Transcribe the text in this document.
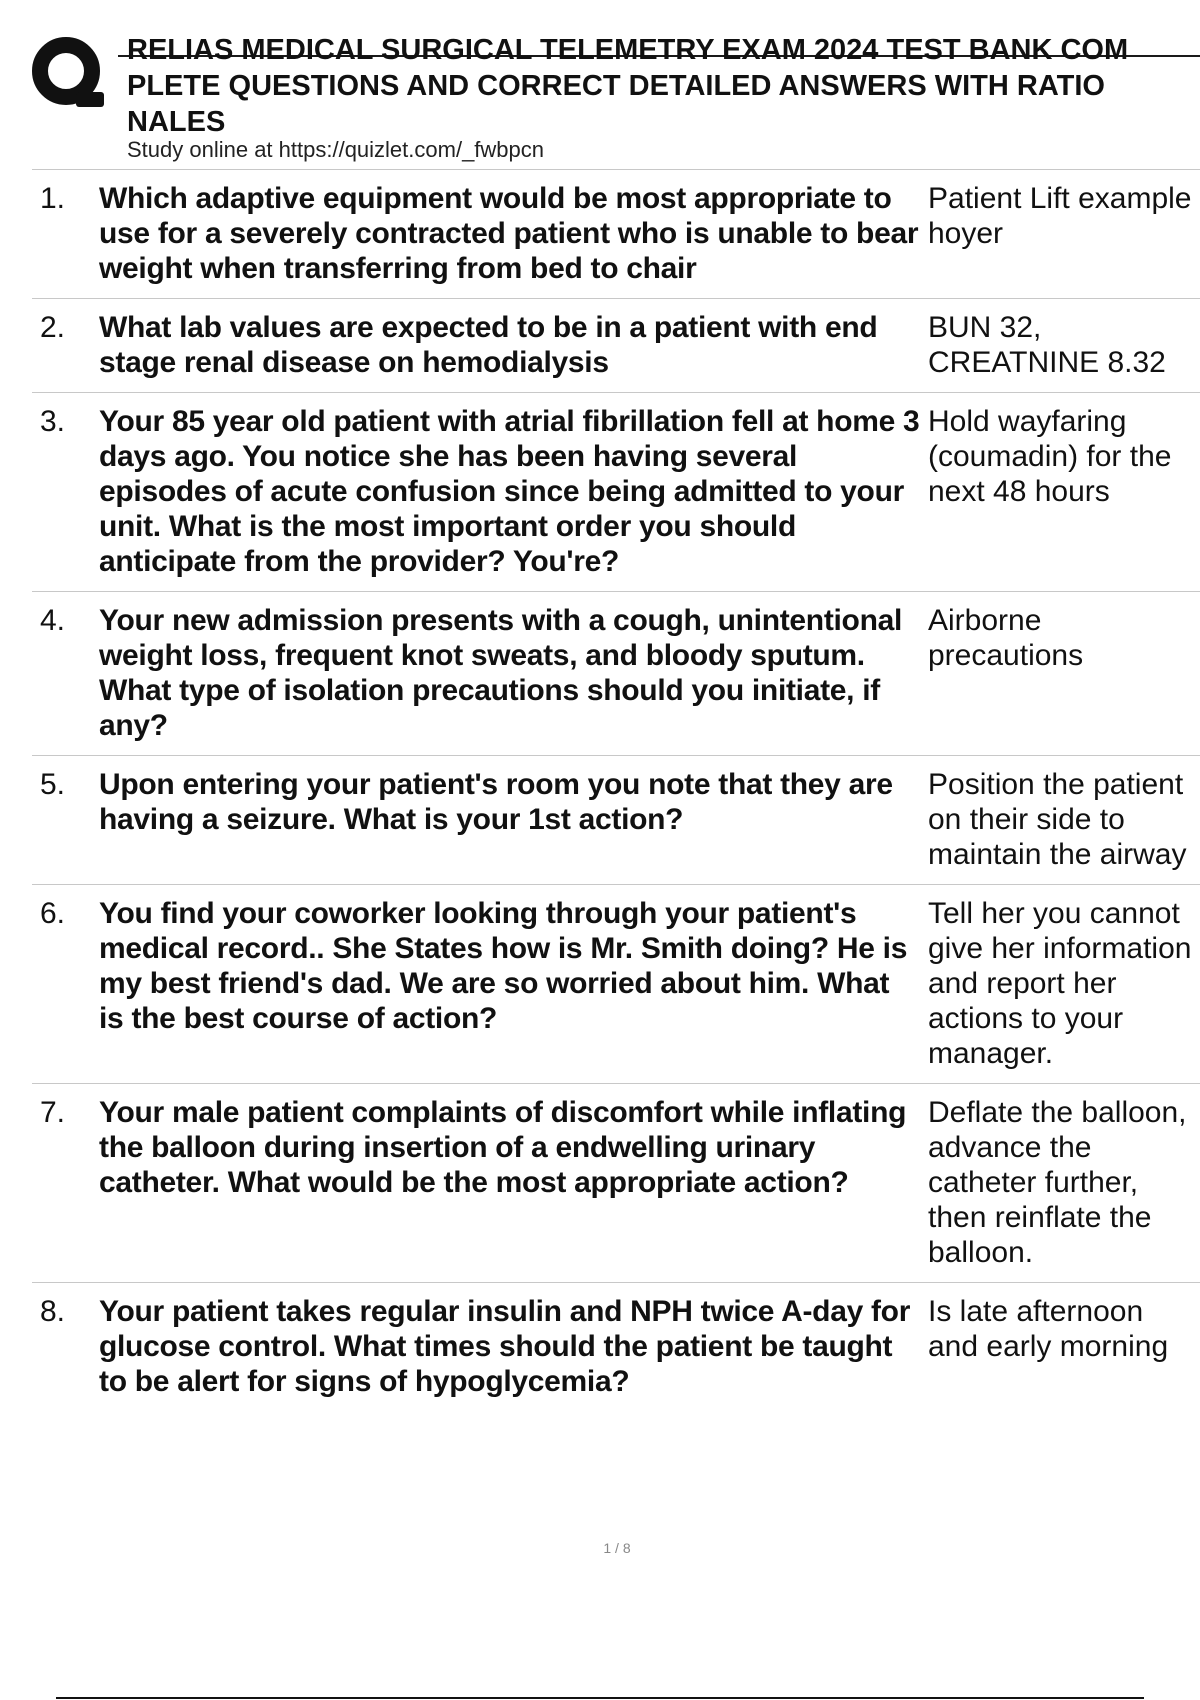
RELIAS MEDICAL SURGICAL TELEMETRY EXAM 2024 TEST BANK COM
PLETE QUESTIONS AND CORRECT DETAILED ANSWERS WITH RATIO
NALES
Study online at https://quizlet.com/_fwbpcn
1.	Which adaptive equipment would be most appropriate to use for a severely contracted patient who is unable to bear weight when transferring from bed to chair
Patient Lift example hoyer
2.	What lab values are expected to be in a patient with end stage renal disease on hemodialysis
BUN 32, CREATNINE 8.32
3.	Your 85 year old patient with atrial fibrillation fell at home 3 days ago. You notice she has been having several episodes of acute confusion since being admitted to your unit. What is the most important order you should anticipate from the provider? You're?
Hold wayfaring (coumadin) for the next 48 hours
4.	Your new admission presents with a cough, unintentional weight loss, frequent knot sweats, and bloody sputum. What type of isolation precautions should you initiate, if any?
Airborne precautions
5.	Upon entering your patient's room you note that they are having a seizure. What is your 1st action?
Position the patient on their side to maintain the airway
6.	You find your coworker looking through your patient's medical record.. She States how is Mr. Smith doing? He is my best friend's dad. We are so worried about him. What is the best course of action?
Tell her you cannot give her information and report her actions to your manager.
7.	Your male patient complaints of discomfort while inflating the balloon during insertion of a endwelling urinary catheter. What would be the most appropriate action?
Deflate the balloon, advance the catheter further, then reinflate the balloon.
8.	Your patient takes regular insulin and NPH twice A-day for glucose control. What times should the patient be taught to be alert for signs of hypoglycemia?
Is late afternoon and early morning
1 / 8
